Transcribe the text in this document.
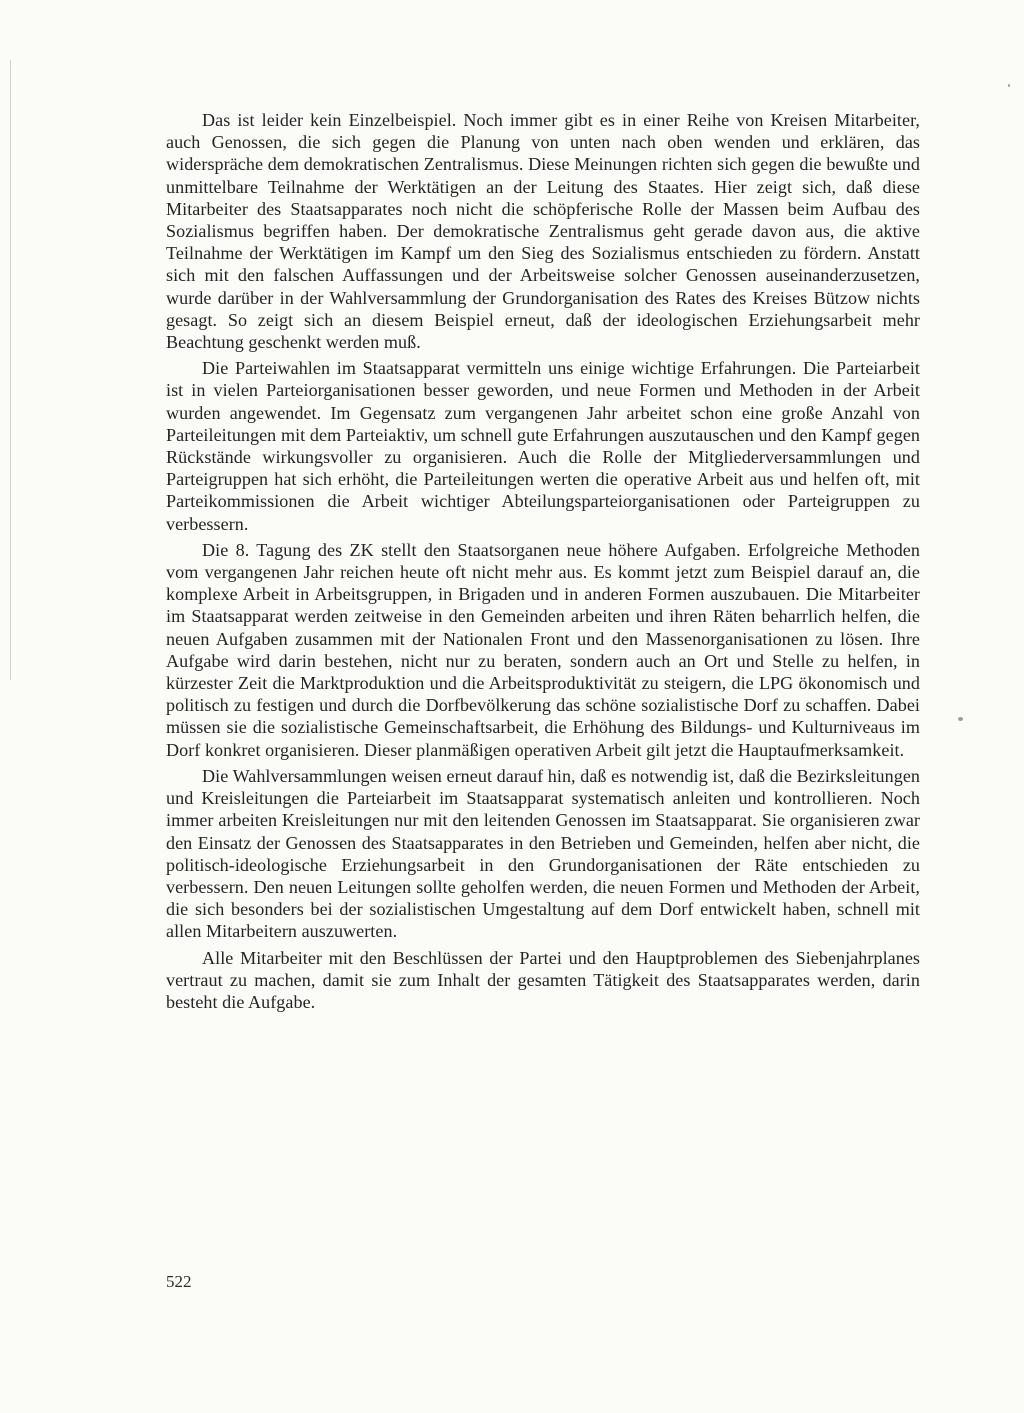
Das ist leider kein Einzelbeispiel. Noch immer gibt es in einer Reihe von Kreisen Mitarbeiter, auch Genossen, die sich gegen die Planung von unten nach oben wenden und erklären, das widerspräche dem demokratischen Zentralismus. Diese Meinungen richten sich gegen die bewußte und unmittelbare Teilnahme der Werktätigen an der Leitung des Staates. Hier zeigt sich, daß diese Mitarbeiter des Staatsapparates noch nicht die schöpferische Rolle der Massen beim Aufbau des Sozialismus begriffen haben. Der demokratische Zentralismus geht gerade davon aus, die aktive Teilnahme der Werktätigen im Kampf um den Sieg des Sozialismus entschieden zu fördern. Anstatt sich mit den falschen Auffassungen und der Arbeitsweise solcher Genossen auseinanderzusetzen, wurde darüber in der Wahlversammlung der Grundorganisation des Rates des Kreises Bützow nichts gesagt. So zeigt sich an diesem Beispiel erneut, daß der ideologischen Erziehungsarbeit mehr Beachtung geschenkt werden muß.

Die Parteiwahlen im Staatsapparat vermitteln uns einige wichtige Erfahrungen. Die Parteiarbeit ist in vielen Parteiorganisationen besser geworden, und neue Formen und Methoden in der Arbeit wurden angewendet. Im Gegensatz zum vergangenen Jahr arbeitet schon eine große Anzahl von Parteileitungen mit dem Parteiaktiv, um schnell gute Erfahrungen auszutauschen und den Kampf gegen Rückstände wirkungsvoller zu organisieren. Auch die Rolle der Mitgliederversammlungen und Parteigruppen hat sich erhöht, die Parteileitungen werten die operative Arbeit aus und helfen oft, mit Parteikommissionen die Arbeit wichtiger Abteilungsparteiorganisationen oder Parteigruppen zu verbessern.

Die 8. Tagung des ZK stellt den Staatsorganen neue höhere Aufgaben. Erfolgreiche Methoden vom vergangenen Jahr reichen heute oft nicht mehr aus. Es kommt jetzt zum Beispiel darauf an, die komplexe Arbeit in Arbeitsgruppen, in Brigaden und in anderen Formen auszubauen. Die Mitarbeiter im Staatsapparat werden zeitweise in den Gemeinden arbeiten und ihren Räten beharrlich helfen, die neuen Aufgaben zusammen mit der Nationalen Front und den Massenorganisationen zu lösen. Ihre Aufgabe wird darin bestehen, nicht nur zu beraten, sondern auch an Ort und Stelle zu helfen, in kürzester Zeit die Marktproduktion und die Arbeitsproduktivität zu steigern, die LPG ökonomisch und politisch zu festigen und durch die Dorfbevölkerung das schöne sozialistische Dorf zu schaffen. Dabei müssen sie die sozialistische Gemeinschaftsarbeit, die Erhöhung des Bildungs- und Kulturniveaus im Dorf konkret organisieren. Dieser planmäßigen operativen Arbeit gilt jetzt die Hauptaufmerksamkeit.

Die Wahlversammlungen weisen erneut darauf hin, daß es notwendig ist, daß die Bezirksleitungen und Kreisleitungen die Parteiarbeit im Staatsapparat systematisch anleiten und kontrollieren. Noch immer arbeiten Kreisleitungen nur mit den leitenden Genossen im Staatsapparat. Sie organisieren zwar den Einsatz der Genossen des Staatsapparates in den Betrieben und Gemeinden, helfen aber nicht, die politisch-ideologische Erziehungsarbeit in den Grundorganisationen der Räte entschieden zu verbessern. Den neuen Leitungen sollte geholfen werden, die neuen Formen und Methoden der Arbeit, die sich besonders bei der sozialistischen Umgestaltung auf dem Dorf entwickelt haben, schnell mit allen Mitarbeitern auszuwerten.

Alle Mitarbeiter mit den Beschlüssen der Partei und den Hauptproblemen des Siebenjahrplanes vertraut zu machen, damit sie zum Inhalt der gesamten Tätigkeit des Staatsapparates werden, darin besteht die Aufgabe.

522
